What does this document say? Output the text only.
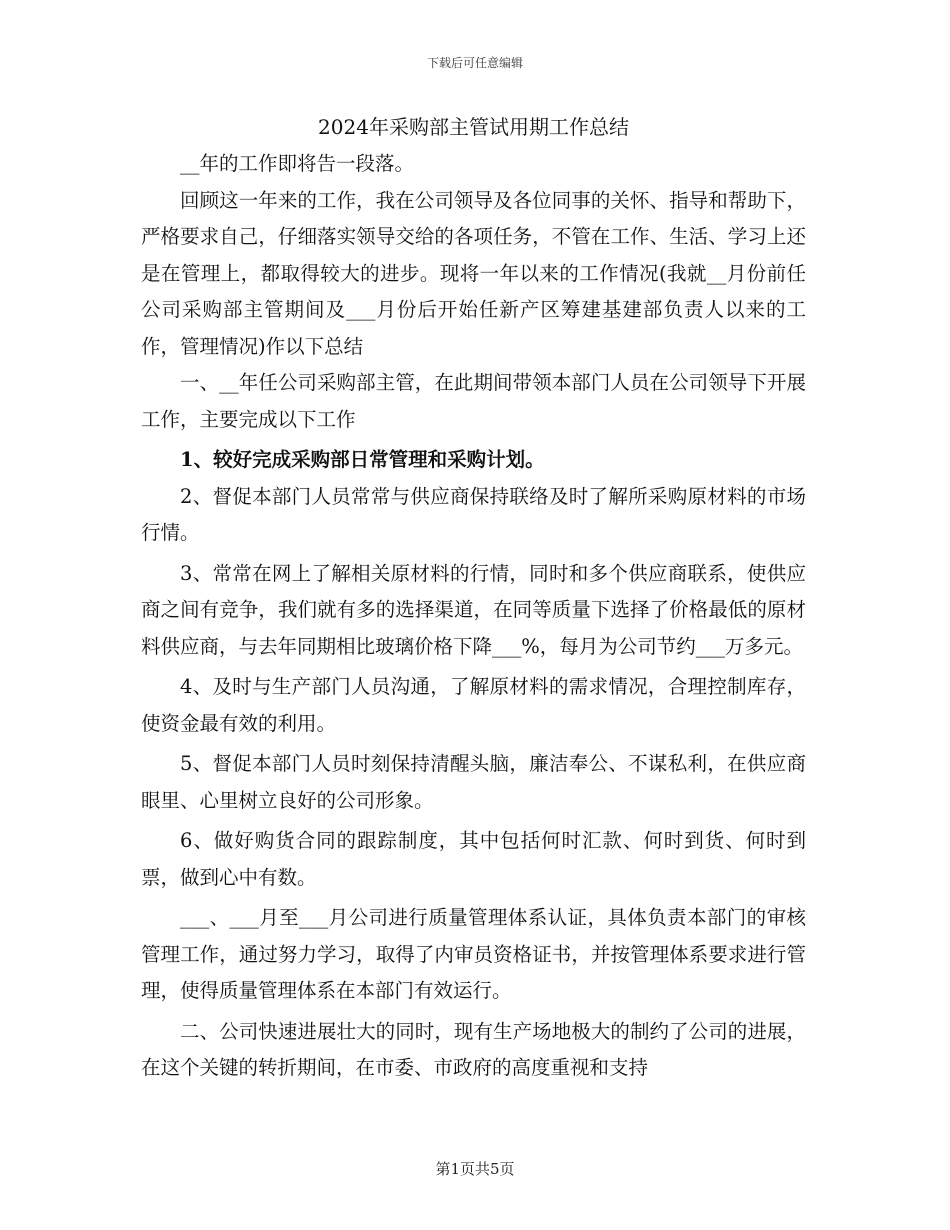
下载后可任意编辑
2024年采购部主管试用期工作总结

__年的工作即将告一段落。

回顾这一年来的工作，我在公司领导及各位同事的关怀、指导和帮助下，严格要求自己，仔细落实领导交给的各项任务，不管在工作、生活、学习上还是在管理上，都取得较大的进步。现将一年以来的工作情况(我就__月份前任公司采购部主管期间及___月份后开始任新产区筹建基建部负责人以来的工作，管理情况)作以下总结

一、__年任公司采购部主管，在此期间带领本部门人员在公司领导下开展工作，主要完成以下工作

1、较好完成采购部日常管理和采购计划。

2、督促本部门人员常常与供应商保持联络及时了解所采购原材料的市场行情。

3、常常在网上了解相关原材料的行情，同时和多个供应商联系，使供应商之间有竞争，我们就有多的选择渠道，在同等质量下选择了价格最低的原材料供应商，与去年同期相比玻璃价格下降___%，每月为公司节约___万多元。

4、及时与生产部门人员沟通，了解原材料的需求情况，合理控制库存，使资金最有效的利用。

5、督促本部门人员时刻保持清醒头脑，廉洁奉公、不谋私利，在供应商眼里、心里树立良好的公司形象。

6、做好购货合同的跟踪制度，其中包括何时汇款、何时到货、何时到票，做到心中有数。

___、___月至___月公司进行质量管理体系认证，具体负责本部门的审核管理工作，通过努力学习，取得了内审员资格证书，并按管理体系要求进行管理，使得质量管理体系在本部门有效运行。

二、公司快速进展壮大的同时，现有生产场地极大的制约了公司的进展，在这个关键的转折期间，在市委、市政府的高度重视和支持

第1页共5页
